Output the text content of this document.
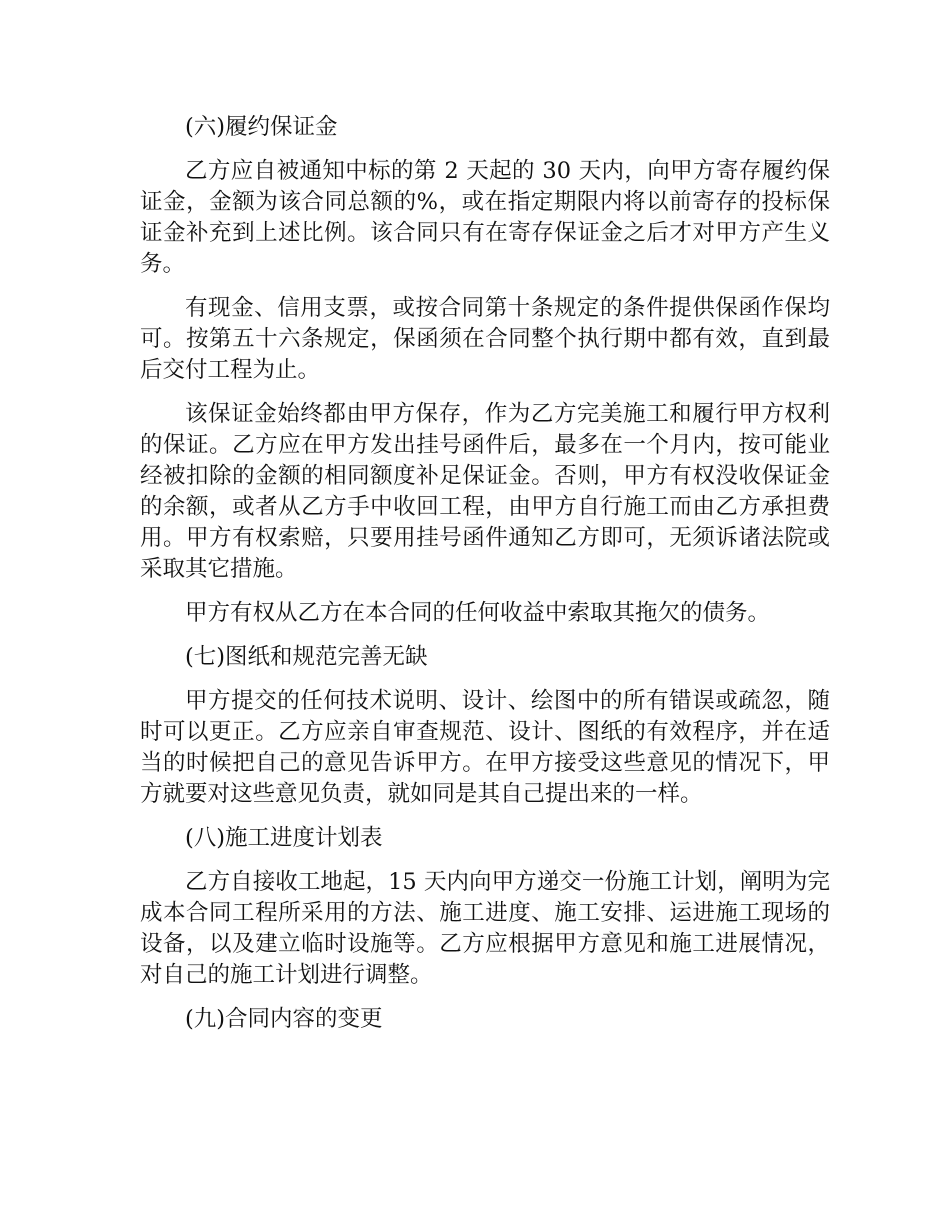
(六)履约保证金

乙方应自被通知中标的第 2 天起的 30 天内，向甲方寄存履约保证金，金额为该合同总额的%，或在指定期限内将以前寄存的投标保证金补充到上述比例。该合同只有在寄存保证金之后才对甲方产生义务。

有现金、信用支票，或按合同第十条规定的条件提供保函作保均可。按第五十六条规定，保函须在合同整个执行期中都有效，直到最后交付工程为止。

该保证金始终都由甲方保存，作为乙方完美施工和履行甲方权利的保证。乙方应在甲方发出挂号函件后，最多在一个月内，按可能业经被扣除的金额的相同额度补足保证金。否则，甲方有权没收保证金的余额，或者从乙方手中收回工程，由甲方自行施工而由乙方承担费用。甲方有权索赔，只要用挂号函件通知乙方即可，无须诉诸法院或采取其它措施。

甲方有权从乙方在本合同的任何收益中索取其拖欠的债务。

(七)图纸和规范完善无缺

甲方提交的任何技术说明、设计、绘图中的所有错误或疏忽，随时可以更正。乙方应亲自审查规范、设计、图纸的有效程序，并在适当的时候把自己的意见告诉甲方。在甲方接受这些意见的情况下，甲方就要对这些意见负责，就如同是其自己提出来的一样。

(八)施工进度计划表

乙方自接收工地起，15 天内向甲方递交一份施工计划，阐明为完成本合同工程所采用的方法、施工进度、施工安排、运进施工现场的设备，以及建立临时设施等。乙方应根据甲方意见和施工进展情况，对自己的施工计划进行调整。

(九)合同内容的变更
